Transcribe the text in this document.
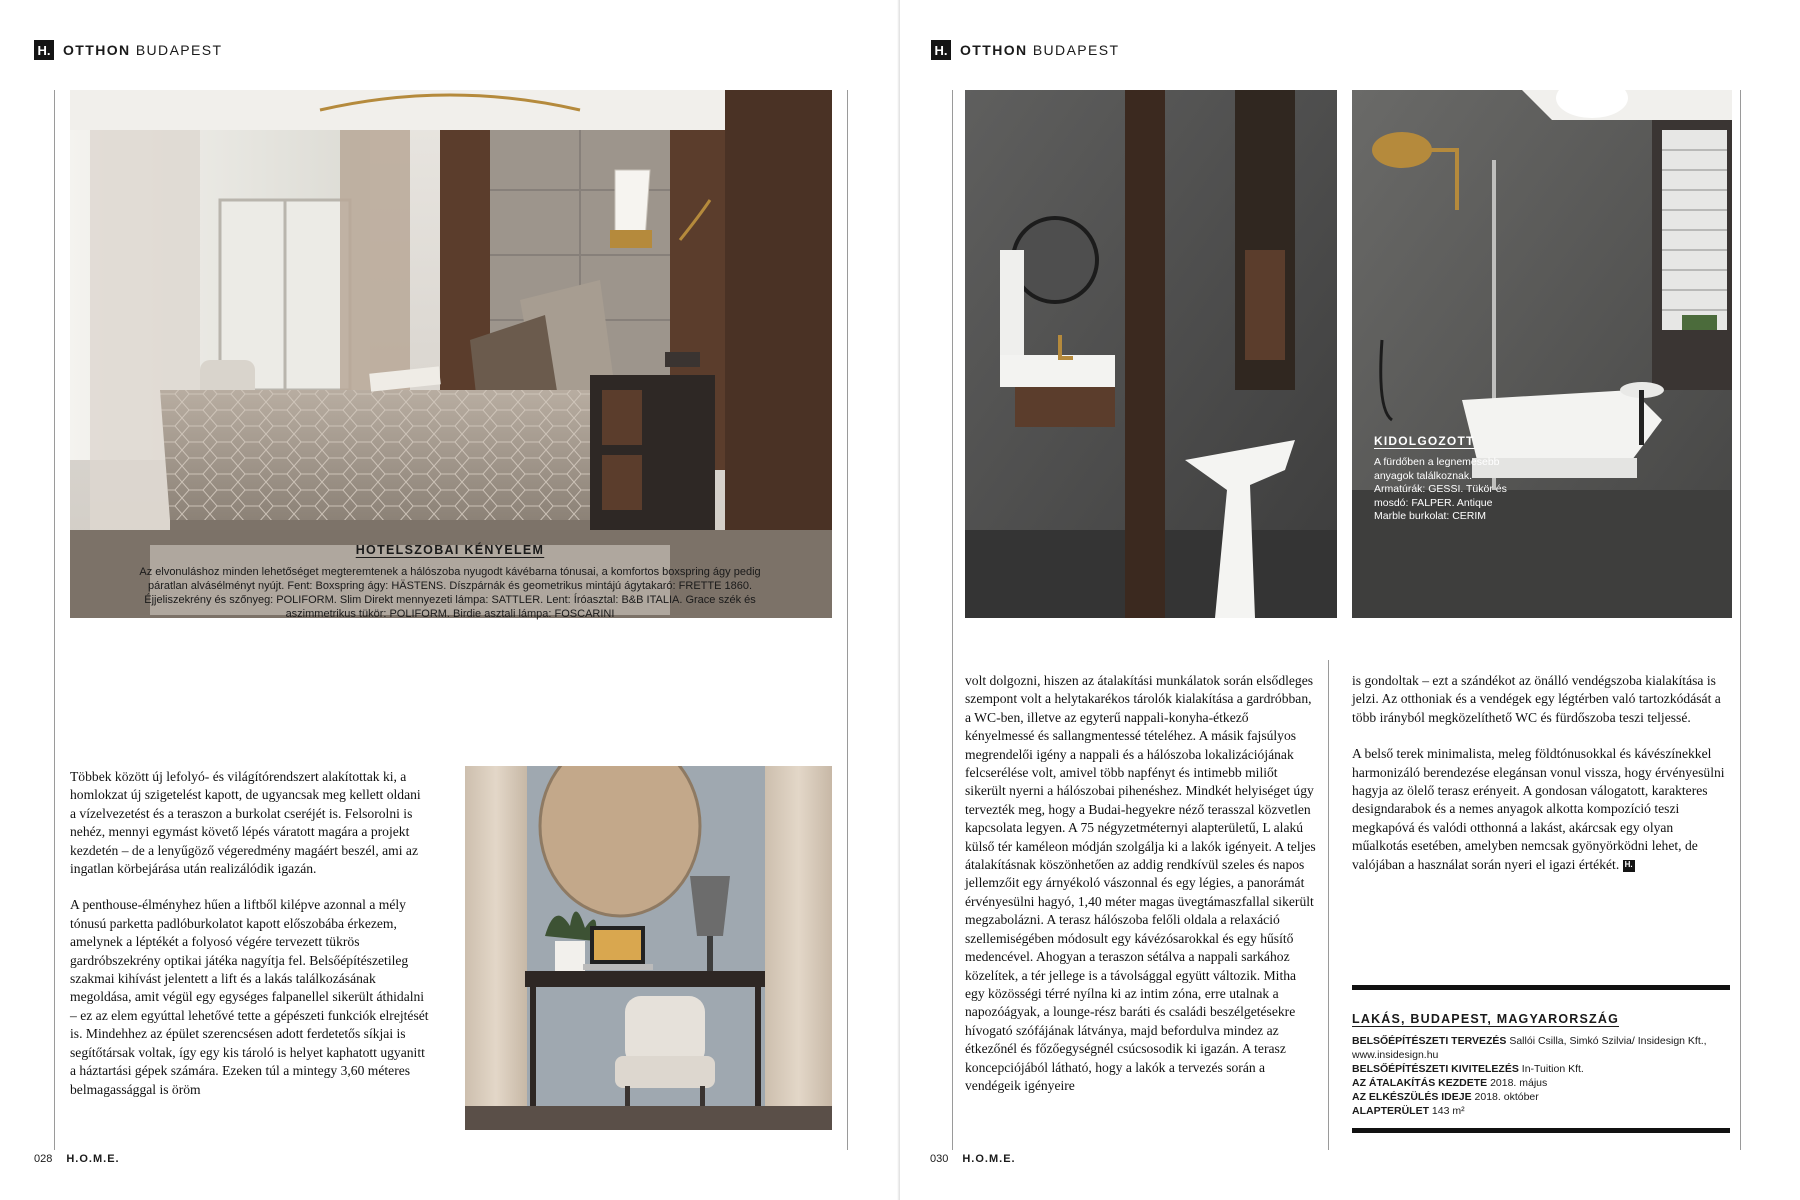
H. OTTHON BUDAPEST
HOTELSZOBAI KÉNYELEM
Az elvonuláshoz minden lehetőséget megteremtenek a hálószoba nyugodt kávébarna tónusai, a komfortos boxspring ágy pedig páratlan alvásélményt nyújt. Fent: Boxspring ágy: HÄSTENS. Díszpárnák és geometrikus mintájú ágytakaró: FRETTE 1860. Éjjeliszekrény és szőnyeg: POLIFORM. Slim Direkt mennyezeti lámpa: SATTLER. Lent: Íróasztal: B&B ITALIA. Grace szék és aszimmetrikus tükör: POLIFORM. Birdie asztali lámpa: FOSCARINI

Többek között új lefolyó- és világítórendszert alakítottak ki, a homlokzat új szigetelést kapott, de ugyancsak meg kellett oldani a vízelvezetést és a teraszon a burkolat cseréjét is. Felsorolni is nehéz, mennyi egymást követő lépés váratott magára a projekt kezdetén – de a lenyűgöző végeredmény magáért beszél, ami az ingatlan körbejárása után realizálódik igazán.

A penthouse-élményhez hűen a liftből kilépve azonnal a mély tónusú parketta padlóburkolatot kapott előszobába érkezem, amelynek a léptékét a folyosó végére tervezett tükrös gardróbszekrény optikai játéka nagyítja fel. Belsőépítészetileg szakmai kihívást jelentett a lift és a lakás találkozásának megoldása, amit végül egy egységes falpanellel sikerült áthidalni – ez az elem egyúttal lehetővé tette a gépészeti funkciók elrejtését is. Mindehhez az épület szerencsésen adott ferdetetős síkjai is segítőtársak voltak, így egy kis tároló is helyet kaphatott ugyanitt a háztartási gépek számára. Ezeken túl a mintegy 3,60 méteres belmagassággal is öröm

028 H.O.M.E.
H. OTTHON BUDAPEST
KIDOLGOZOTT
A fürdőben a legnemesebb anyagok találkoznak. Armatúrák: GESSI. Tükör és mosdó: FALPER. Antique Marble burkolat: CERIM

volt dolgozni, hiszen az átalakítási munkálatok során elsődleges szempont volt a helytakarékos tárolók kialakítása a gardróbban, a WC-ben, illetve az egyterű nappali-konyha-étkező kényelmessé és sallangmentessé tételéhez. A másik fajsúlyos megrendelői igény a nappali és a hálószoba lokalizációjának felcserélése volt, amivel több napfényt és intimebb miliőt sikerült nyerni a hálószobai pihenéshez. Mindkét helyiséget úgy tervezték meg, hogy a Budai-hegyekre néző terasszal közvetlen kapcsolata legyen. A 75 négyzetméternyi alapterületű, L alakú külső tér kaméleon módján szolgálja ki a lakók igényeit. A teljes átalakításnak köszönhetően az addig rendkívül szeles és napos jellemzőit egy árnyékoló vászonnal és egy légies, a panorámát érvényesülni hagyó, 1,40 méter magas üvegtámaszfallal sikerült megzabolázni. A terasz hálószoba felőli oldala a relaxáció szellemiségében módosult egy kávézósarokkal és egy hűsítő medencével. Ahogyan a teraszon sétálva a nappali sarkához közelítek, a tér jellege is a távolsággal együtt változik. Mitha egy közösségi térré nyílna ki az intim zóna, erre utalnak a napozóágyak, a lounge-rész baráti és családi beszélgetésekre hívogató szófájának látványa, majd befordulva mindez az étkezőnél és főzőegységnél csúcsosodik ki igazán. A terasz koncepciójából látható, hogy a lakók a tervezés során a vendégeik igényeire

is gondoltak – ezt a szándékot az önálló vendégszoba kialakítása is jelzi. Az otthoniak és a vendégek egy légtérben való tartozkódását a több irányból megközelíthető WC és fürdőszoba teszi teljessé.

A belső terek minimalista, meleg földtónusokkal és kávészínekkel harmonizáló berendezése elegánsan vonul vissza, hogy érvényesülni hagyja az ölelő terasz erényeit. A gondosan válogatott, karakteres designdarabok és a nemes anyagok alkotta kompozíció teszi megkapóvá és valódi otthonná a lakást, akárcsak egy olyan műalkotás esetében, amelyben nemcsak gyönyörködni lehet, de valójában a használat során nyeri el igazi értékét. H.

LAKÁS, BUDAPEST, MAGYARORSZÁG
BELSŐÉPÍTÉSZETI TERVEZÉS Sallói Csilla, Simkó Szilvia/ Insidesign Kft., www.insidesign.hu
BELSŐÉPÍTÉSZETI KIVITELEZÉS In-Tuition Kft.
AZ ÁTALAKÍTÁS KEZDETE 2018. május
AZ ELKÉSZÜLÉS IDEJE 2018. október
ALAPTERÜLET 143 m²
030 H.O.M.E.
